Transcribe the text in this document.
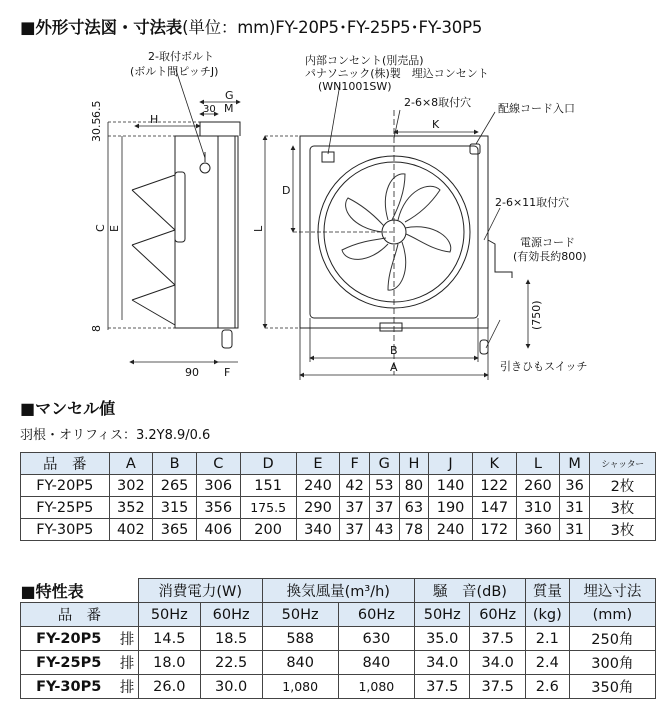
■外形寸法図・寸法表(単位：mm)FY-20P5･FY-25P5･FY-30P5
6.5
30.5
8
C E
H
G
30 M
90 F
2-取付ボルト
(ボルト間ピッチJ)
L
D
K
B
A
(750)
内部コンセント(別売品)
パナソニック(株)製　埋込コンセント
(WN1001SW)
2-6×8取付穴 配線コード入口
2-6×11取付穴
電源コード
(有効長約800)
引きひもスイッチ
■マンセル値
羽根・オリフィス：3.2Y8.9/0.6
品　番	A	B	C	D	E	F	G	H	J	K	L	M	シャッター
FY-20P5	302	265	306	151	240	42	53	80	140	122	260	36	2枚
FY-25P5	352	315	356	175.5	290	37	37	63	190	147	310	31	3枚
FY-30P5	402	365	406	200	340	37	43	78	240	172	360	31	3枚
■特性表		消費電力(W)		換気風量(m³/h)		騒　音(dB)		質量	埋込寸法
品　番		50Hz	60Hz	50Hz	60Hz	50Hz	60Hz	(kg)	(mm)
FY-20P5	排	14.5	18.5	588	630	35.0	37.5	2.1	250角
FY-25P5	排	18.0	22.5	840	840	34.0	34.0	2.4	300角
FY-30P5	排	26.0	30.0	1,080	1,080	37.5	37.5	2.6	350角
